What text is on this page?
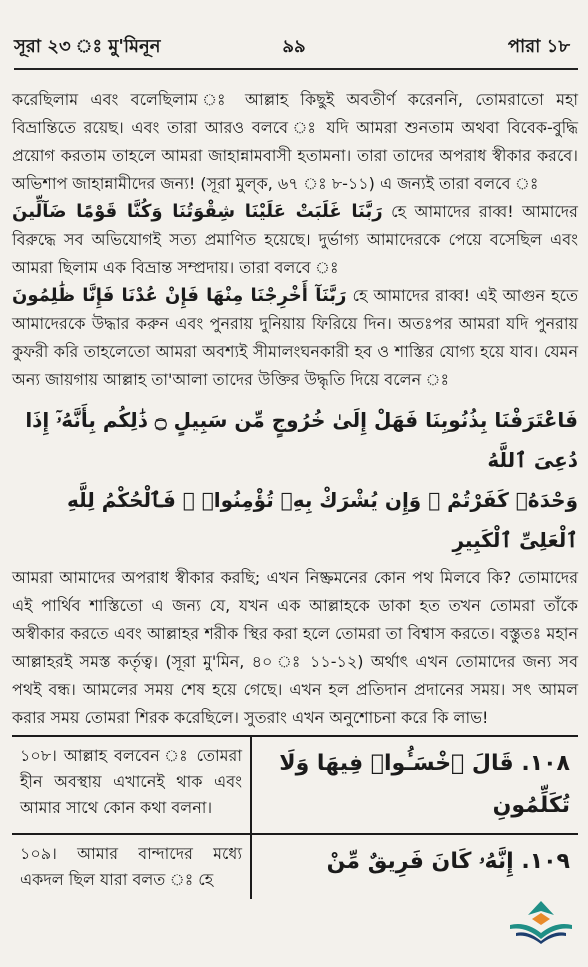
সূরা ২৩ ঃ মু'মিনূন	৯৯	পারা ১৮

করেছিলাম এবং বলেছিলাম ঃ আল্লাহ কিছুই অবতীর্ণ করেননি, তোমরাতো মহা বিভ্রান্তিতে রয়েছ। এবং তারা আরও বলবে ঃ যদি আমরা শুনতাম অথবা বিবেক-বুদ্ধি প্রয়োগ করতাম তাহলে আমরা জাহান্নামবাসী হতামনা। তারা তাদের অপরাধ স্বীকার করবে। অভিশাপ জাহান্নামীদের জন্য! (সূরা মুল্‌ক, ৬৭ ঃ ৮-১১) এ জন্যই তারা বলবে ঃ

رَبَّنَا غَلَبَتْ عَلَيْنَا شِقْوَتُنَا وَكُنَّا قَوْمًا ضَآلِّينَ হে আমাদের রাব্ব! আমাদের বিরুদ্ধে সব অভিযোগই সত্য প্রমাণিত হয়েছে। দুর্ভাগ্য আমাদেরকে পেয়ে বসেছিল এবং আমরা ছিলাম এক বিভ্রান্ত সম্প্রদায়। তারা বলবে ঃ

رَبَّنَآ أَخْرِجْنَا مِنْهَا فَإِنْ عُدْنَا فَإِنَّا ظَٰلِمُونَ হে আমাদের রাব্ব! এই আগুন হতে আমাদেরকে উদ্ধার করুন এবং পুনরায় দুনিয়ায় ফিরিয়ে দিন। অতঃপর আমরা যদি পুনরায় কুফরী করি তাহলেতো আমরা অবশ্যই সীমালংঘনকারী হব ও শাস্তির যোগ্য হয়ে যাব। যেমন অন্য জায়গায় আল্লাহ তা'আলা তাদের উক্তির উদ্ধৃতি দিয়ে বলেন ঃ

فَاعْتَرَفْنَا بِذُنُوبِنَا فَهَلْ إِلَىٰ خُرُوجٍ مِّن سَبِيلٍ ۝ ذَٰلِكُم بِأَنَّهُۥٓ إِذَا دُعِىَ ٱللَّهُ
وَحْدَهُۥ كَفَرْتُمْ ۖ وَإِن يُشْرَكْ بِهِۦ تُؤْمِنُوا۟ ۚ فَٱلْحُكْمُ لِلَّهِ ٱلْعَلِىِّ ٱلْكَبِيرِ

আমরা আমাদের অপরাধ স্বীকার করছি; এখন নিষ্ক্রমনের কোন পথ মিলবে কি? তোমাদের এই পার্থিব শাস্তিতো এ জন্য যে, যখন এক আল্লাহকে ডাকা হত তখন তোমরা তাঁকে অস্বীকার করতে এবং আল্লাহর শরীক স্থির করা হলে তোমরা তা বিশ্বাস করতে। বস্তুতঃ মহান আল্লাহরই সমস্ত কর্তৃত্ব। (সূরা মু'মিন, ৪০ ঃ ১১-১২) অর্থাৎ এখন তোমাদের জন্য সব পথই বন্ধ। আমলের সময় শেষ হয়ে গেছে। এখন হল প্রতিদান প্রদানের সময়। সৎ আমল করার সময় তোমরা শিরক করেছিলে। সুতরাং এখন অনুশোচনা করে কি লাভ!

১০৮। আল্লাহ বলবেন ঃ তোমরা হীন অবস্থায় এখানেই থাক এবং আমার সাথে কোন কথা বলনা।	١٠٨. قَالَ ٱخْسَـُٔوا۟ فِيهَا وَلَا تُكَلِّمُونِ
১০৯। আমার বান্দাদের মধ্যে একদল ছিল যারা বলত ঃ হে	١٠٩. إِنَّهُۥ كَانَ فَرِيقٌ مِّنْ
